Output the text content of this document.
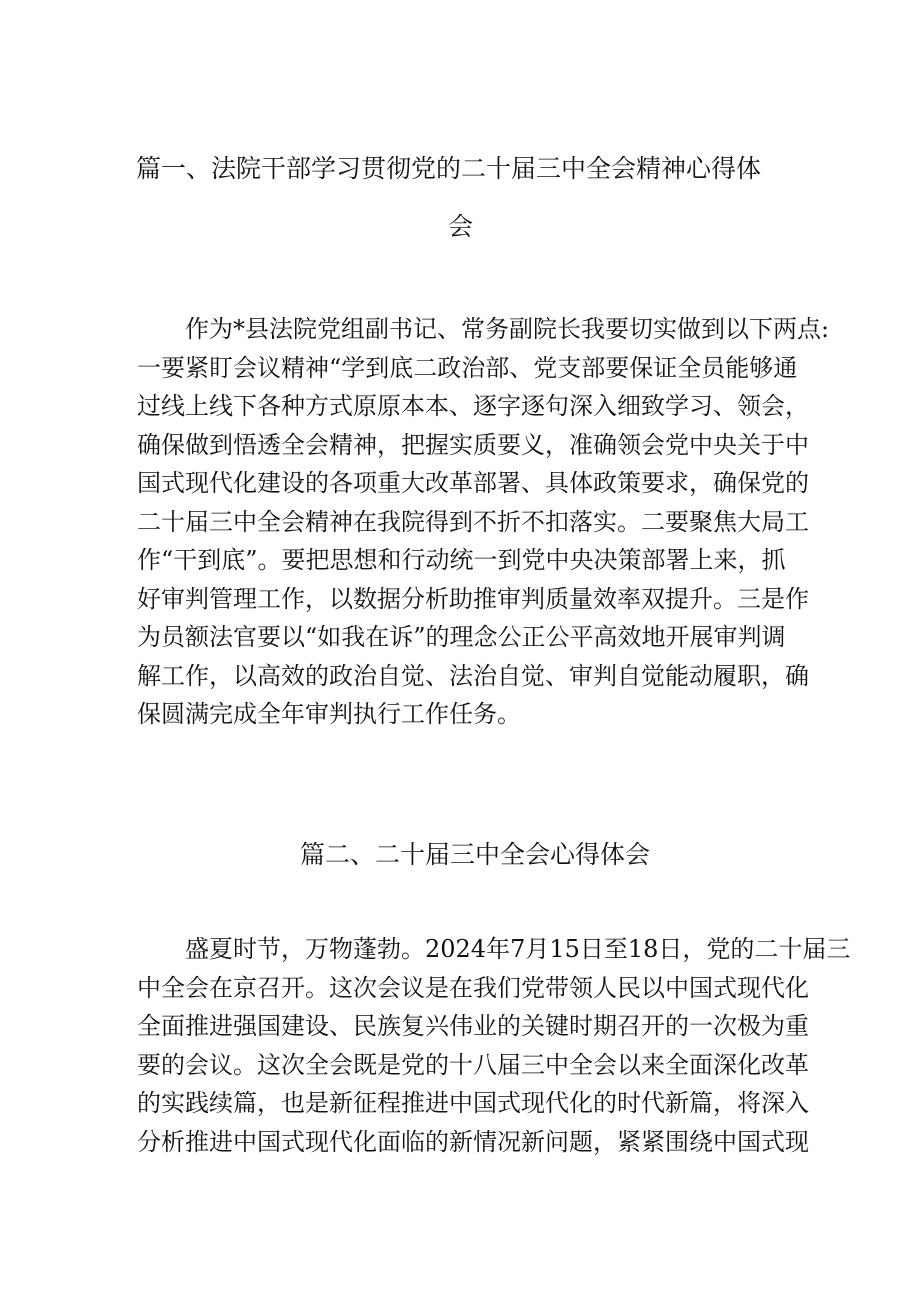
篇一、法院干部学习贯彻党的二十届三中全会精神心得体
会
　　作为*县法院党组副书记、常务副院长我要切实做到以下两点:
一要紧盯会议精神“学到底二政治部、党支部要保证全员能够通
过线上线下各种方式原原本本、逐字逐句深入细致学习、领会，
确保做到悟透全会精神，把握实质要义，准确领会党中央关于中
国式现代化建设的各项重大改革部署、具体政策要求，确保党的
二十届三中全会精神在我院得到不折不扣落实。二要聚焦大局工
作“干到底”。要把思想和行动统一到党中央决策部署上来，抓
好审判管理工作，以数据分析助推审判质量效率双提升。三是作
为员额法官要以“如我在诉”的理念公正公平高效地开展审判调
解工作，以高效的政治自觉、法治自觉、审判自觉能动履职，确
保圆满完成全年审判执行工作任务。
篇二、二十届三中全会心得体会
　　盛夏时节，万物蓬勃。2024年7月15日至18日，党的二十届三
中全会在京召开。这次会议是在我们党带领人民以中国式现代化
全面推进强国建设、民族复兴伟业的关键时期召开的一次极为重
要的会议。这次全会既是党的十八届三中全会以来全面深化改革
的实践续篇，也是新征程推进中国式现代化的时代新篇，将深入
分析推进中国式现代化面临的新情况新问题，紧紧围绕中国式现
